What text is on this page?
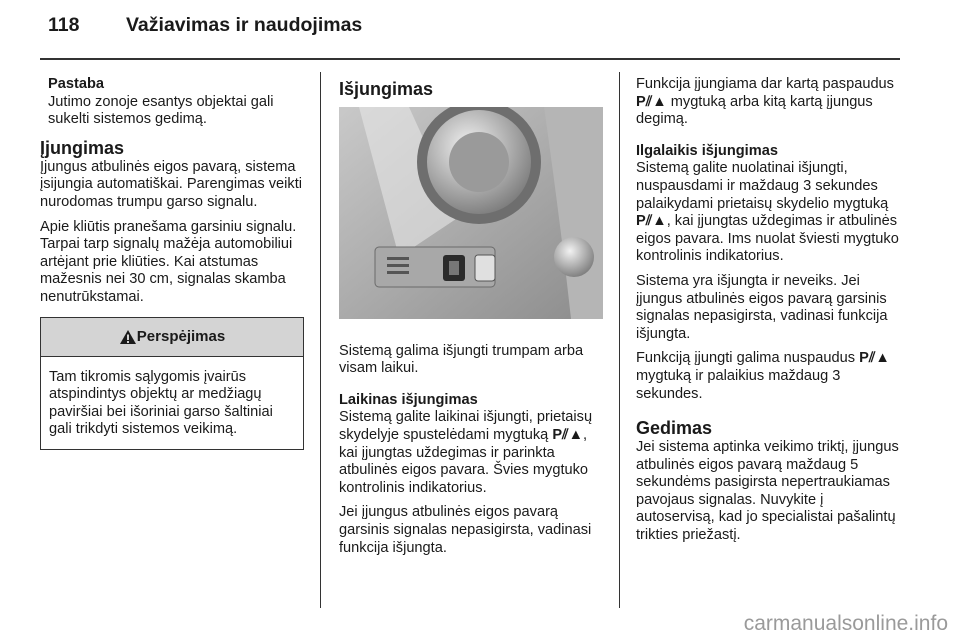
118 Važiavimas ir naudojimas
Pastaba
Jutimo zonoje esantys objektai gali sukelti sistemos gedimą.
Įjungimas

Įjungus atbulinės eigos pavarą, sistema įsijungia automatiškai. Parengimas veikti nurodomas trumpu garso signalu.

Apie kliūtis pranešama garsiniu signalu. Tarpai tarp signalų mažėja automobiliui artėjant prie kliūties. Kai atstumas mažesnis nei 30 cm, signalas skamba nenutrūkstamai.

Perspėjimas
Tam tikromis sąlygomis įvairūs atspindintys objektų ar medžiagų paviršiai bei išoriniai garso šaltiniai gali trikdyti sistemos veikimą.
Išjungimas

Sistemą galima išjungti trumpam arba visam laikui.

Laikinas išjungimas

Sistemą galite laikinai išjungti, prietaisų skydelyje spustelėdami mygtuką P⫽▲, kai įjungtas uždegimas ir parinkta atbulinės eigos pavara. Švies mygtuko kontrolinis indikatorius.

Jei įjungus atbulinės eigos pavarą garsinis signalas nepasigirsta, vadinasi funkcija išjungta.

Funkcija įjungiama dar kartą paspaudus P⫽▲ mygtuką arba kitą kartą įjungus degimą.

Ilgalaikis išjungimas

Sistemą galite nuolatinai išjungti, nuspausdami ir maždaug 3 sekundes palaikydami prietaisų skydelio mygtuką P⫽▲, kai įjungtas uždegimas ir atbulinės eigos pavara. Ims nuolat šviesti mygtuko kontrolinis indikatorius.

Sistema yra išjungta ir neveiks. Jei įjungus atbulinės eigos pavarą garsinis signalas nepasigirsta, vadinasi funkcija išjungta.

Funkciją įjungti galima nuspaudus P⫽▲ mygtuką ir palaikius maždaug 3 sekundes.

Gedimas

Jei sistema aptinka veikimo triktį, įjungus atbulinės eigos pavarą maždaug 5 sekundėms pasigirsta nepertraukiamas pavojaus signalas. Nuvykite į autoservisą, kad jo specialistai pašalintų trikties priežastį.

carmanualsonline.info
